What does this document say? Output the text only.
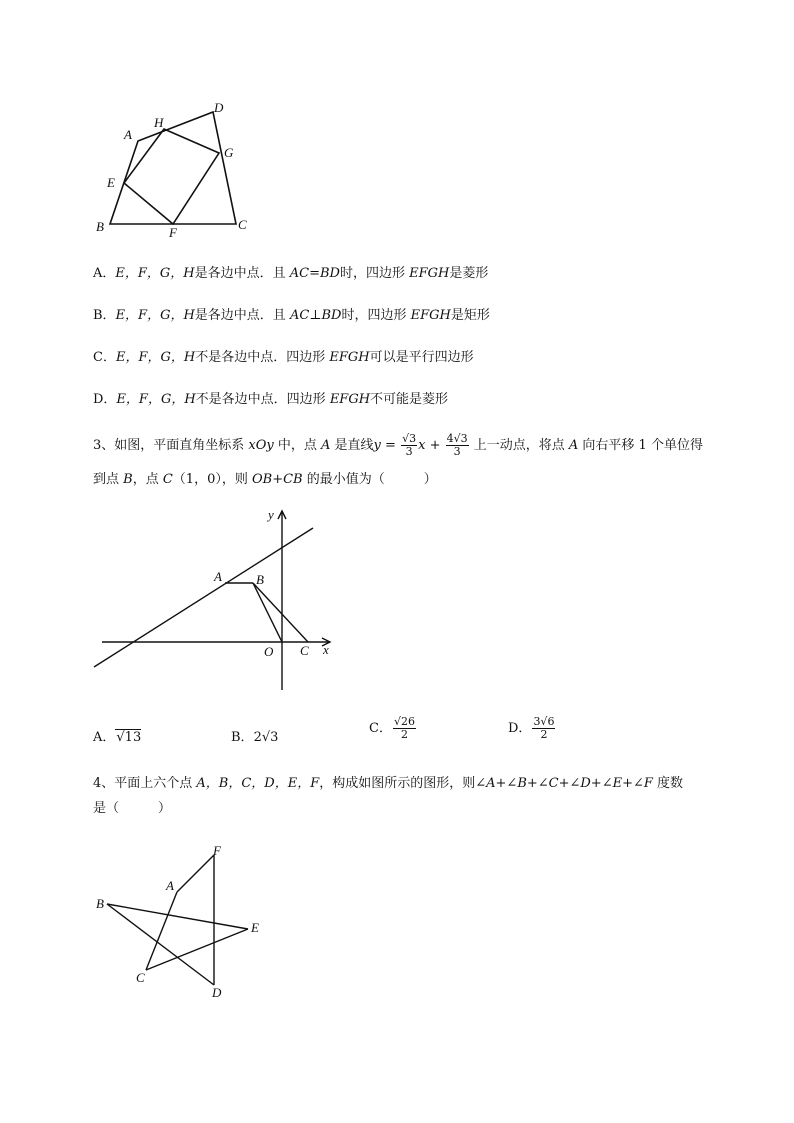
A
H
D
G
E
B	F
C
A．E，F，G，H是各边中点．且 AC=BD时，四边形 EFGH是菱形
B．E，F，G，H是各边中点．且 AC⊥BD时，四边形 EFGH是矩形
C．E，F，G，H不是各边中点．四边形 EFGH可以是平行四边形
D．E，F，G，H不是各边中点．四边形 EFGH不可能是菱形
3、如图，平面直角坐标系 xOy 中，点 A 是直线$y = \frac{√3}{3}$ $x + \frac{4√3}{3}$ 上一动点，将点 A 向右平移 1 个单位得
到点 B，点 C（1，0），则 OB+CB 的最小值为（　　　）
y
x
A	B
O C
A．√13	B．2√3
C． $\frac{√26}{2}$	D． $\frac{3√6}{2}$
4、平面上六个点 A，B，C，D，E，F，构成如图所示的图形，则∠A+∠B+∠C+∠D+∠E+∠F 度数
是（　　　）
F
A
B
E
C
D
